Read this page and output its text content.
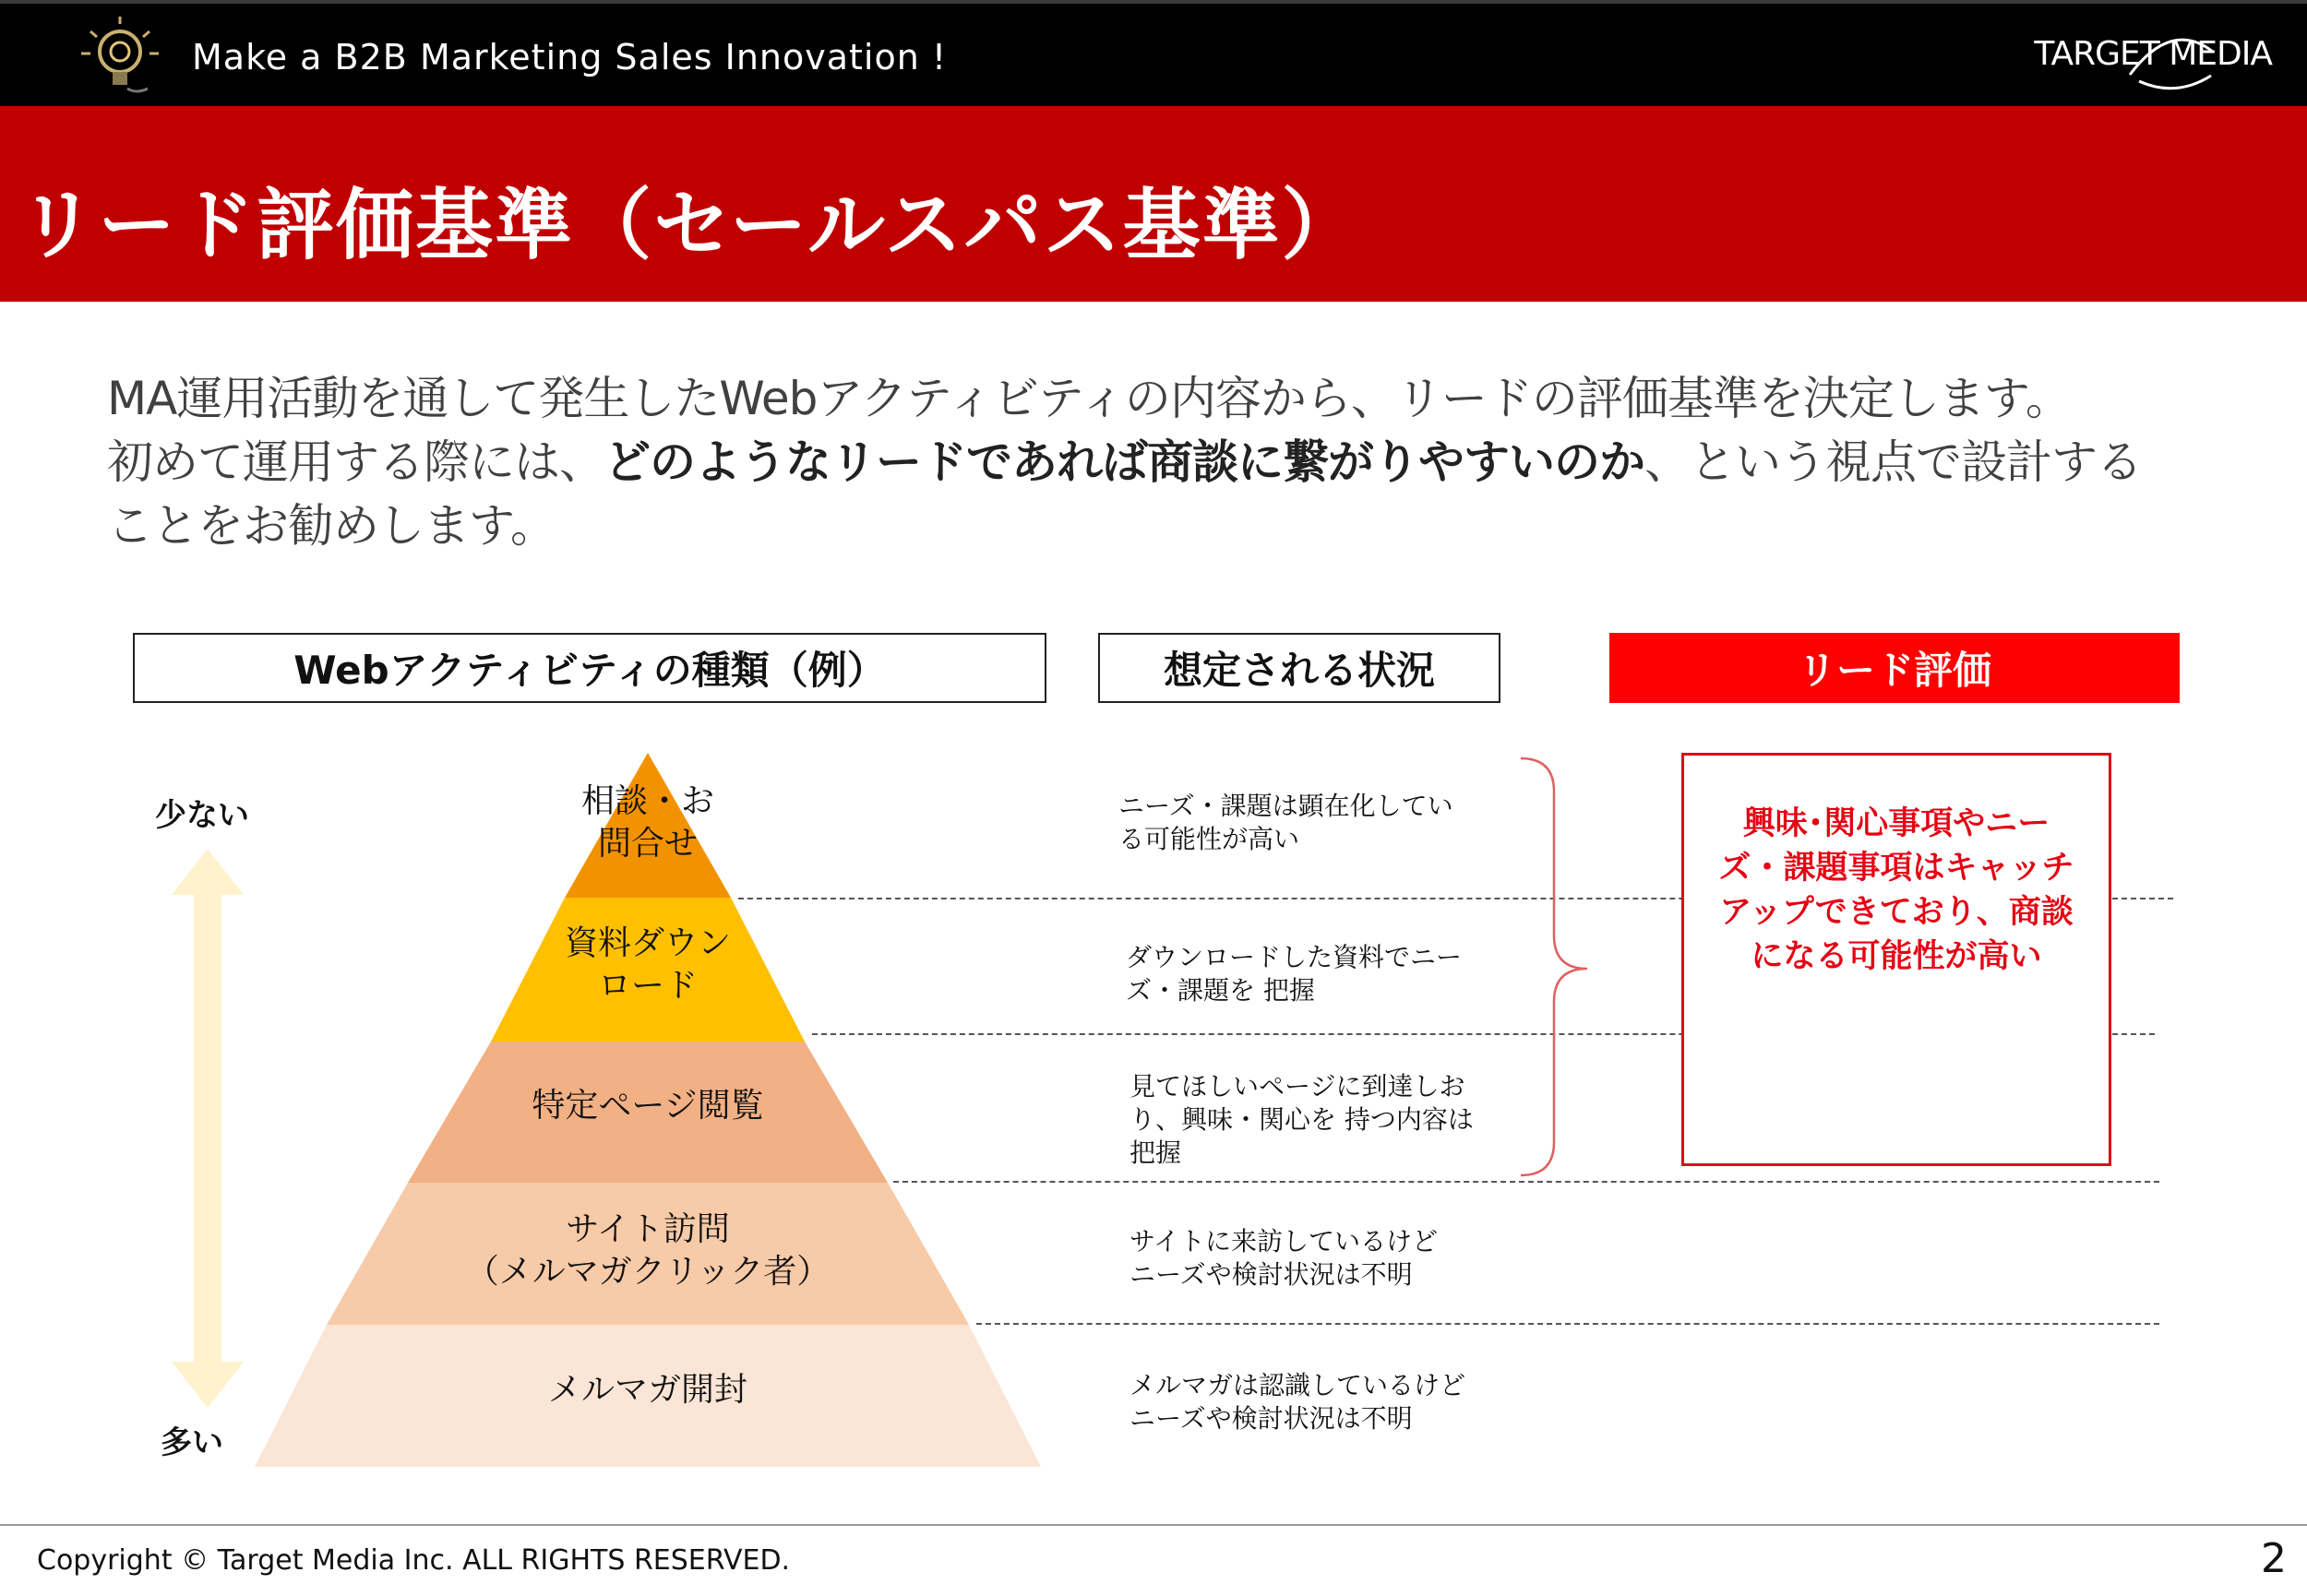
Make a B2B Marketing Sales Innovation !	TARGET MEDIA
リード評価基準（セールスパス基準）
MA運用活動を通して発生したWebアクティビティの内容から、リードの評価基準を決定します。
初めて運用する際には、どのようなリードであれば商談に繋がりやすいのか、という視点で設計する
ことをお勧めします。
Webアクティビティの種類（例）	想定される状況	リード評価
少ない
多い
相談・お
問合せ
資料ダウン
ロード
特定ページ閲覧
サイト訪問
（メルマガクリック者）
メルマガ開封
ニーズ・課題は顕在化してい
る可能性が高い
ダウンロードした資料でニー
ズ・課題を 把握
見てほしいページに到達しお
り、興味・関心を 持つ内容は
把握
サイトに来訪しているけど
ニーズや検討状況は不明
メルマガは認識しているけど
ニーズや検討状況は不明
興味･関心事項やニー
ズ・課題事項はキャッチ
アップできており、商談
になる可能性が高い
Copyright © Target Media Inc. ALL RIGHTS RESERVED.	2
